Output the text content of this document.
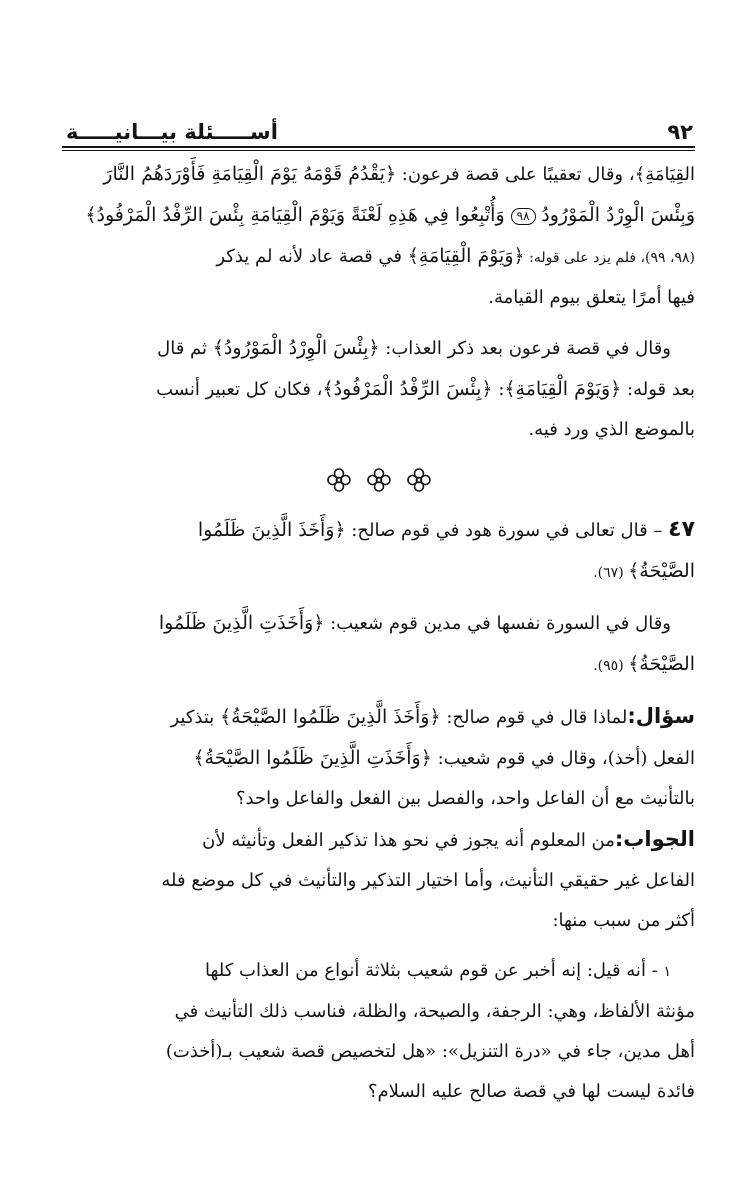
٩٢
أســـــئلة بيـــانيـــــة

القِيَامَةِ﴾، وقال تعقيبًا على قصة فرعون: ﴿يَقْدُمُ قَوْمَهُ يَوْمَ الْقِيَامَةِ فَأَوْرَدَهُمُ النَّارَ

وَبِئْسَ الْوِرْدُ الْمَوْرُودُ ٩٨ وَأُتْبِعُوا فِي هَذِهِ لَعْنَةً وَيَوْمَ الْقِيَامَةِ بِئْسَ الرِّفْدُ الْمَرْفُودُ﴾

(٩٨، ٩٩)، فلم يزد على قوله: ﴿وَيَوْمَ الْقِيَامَةِ﴾ في قصة عاد لأنه لم يذكر

فيها أمرًا يتعلق بيوم القيامة.

وقال في قصة فرعون بعد ذكر العذاب: ﴿بِئْسَ الْوِرْدُ الْمَوْرُودُ﴾ ثم قال

بعد قوله: ﴿وَيَوْمَ الْقِيَامَةِ﴾: ﴿بِئْسَ الرِّفْدُ الْمَرْفُودُ﴾، فكان كل تعبير أنسب

بالموضع الذي ورد فيه.

٤٧ – قال تعالى في سورة هود في قوم صالح: ﴿وَأَخَذَ الَّذِينَ ظَلَمُوا

الصَّيْحَةُ﴾ (٦٧).

وقال في السورة نفسها في مدين قوم شعيب: ﴿وَأَخَذَتِ الَّذِينَ ظَلَمُوا

الصَّيْحَةُ﴾ (٩٥).

سؤال:لماذا قال في قوم صالح: ﴿وَأَخَذَ الَّذِينَ ظَلَمُوا الصَّيْحَةُ﴾ بتذكير

الفعل (أخذ)، وقال في قوم شعيب: ﴿وَأَخَذَتِ الَّذِينَ ظَلَمُوا الصَّيْحَةُ﴾

بالتأنيث مع أن الفاعل واحد، والفصل بين الفعل والفاعل واحد؟

الجواب:من المعلوم أنه يجوز في نحو هذا تذكير الفعل وتأنيثه لأن

الفاعل غير حقيقي التأنيث، وأما اختيار التذكير والتأنيث في كل موضع فله

أكثر من سبب منها:

١ - أنه قيل: إنه أخبر عن قوم شعيب بثلاثة أنواع من العذاب كلها

مؤنثة الألفاظ، وهي: الرجفة، والصيحة، والظلة، فناسب ذلك التأنيث في

أهل مدين، جاء في «درة التنزيل»: «هل لتخصيص قصة شعيب بـ(أخذت)

فائدة ليست لها في قصة صالح عليه السلام؟
